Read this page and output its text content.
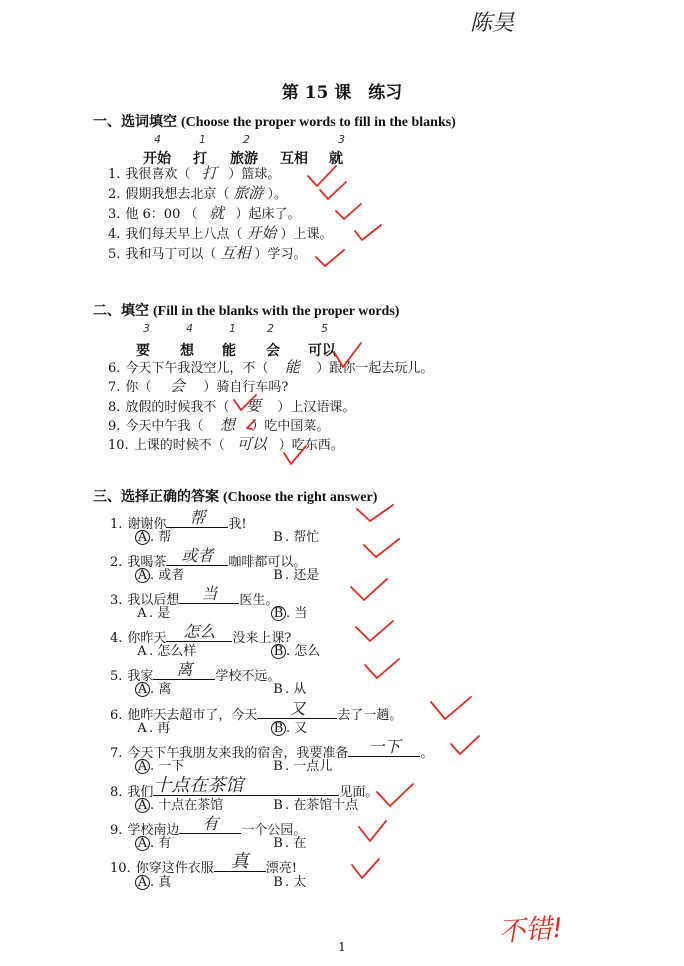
陈昊
第 15 课　练习
一、选词填空 (Choose the proper words to fill in the blanks)
4	1	2	3
开始 打 旅游 互相 就
1. 我很喜欢（ 打 ）篮球。
2. 假期我想去北京（ 旅游 ）。
3. 他 6：00 （ 就 ）起床了。
4. 我们每天早上八点（ 开始 ）上课。
5. 我和马丁可以（ 互相 ）学习。
二、填空 (Fill in the blanks with the proper words)
3	4	1	2	5
要 想 能 会 可以
6. 今天下午我没空儿，不（ 能 ）跟你一起去玩儿。
7. 你（ 会 ）骑自行车吗?
8. 放假的时候我不（ 要 ）上汉语课。
9. 今天中午我（ 想 ）吃中国菜。
10. 上课的时候不（ 可以 ）吃东西。
三、选择正确的答案 (Choose the right answer)
1. 谢谢你	帮	我!
A . 帮	B . 帮忙
2. 我喝茶 或者	咖啡都可以。
A . 或者	B . 还是
3. 我以后想	当	医生。
A . 是	B . 当
4. 你昨天	怎么	没来上课?
A . 怎么样	B . 怎么
5. 我家	离	学校不远。
A . 离	B . 从
6. 他昨天去超市了，今天	又	去了一趟。
A . 再	B . 又
7. 今天下午我朋友来我的宿舍，我要准备	一下	。
A . 一下	B . 一点儿
8. 我们 十点在茶馆	见面。
A . 十点在茶馆	B . 在茶馆十点
9. 学校南边	有	一个公园。
A . 有	B . 在
10. 你穿这件衣服 真	漂亮!
A . 真	B . 太
不错!
1
